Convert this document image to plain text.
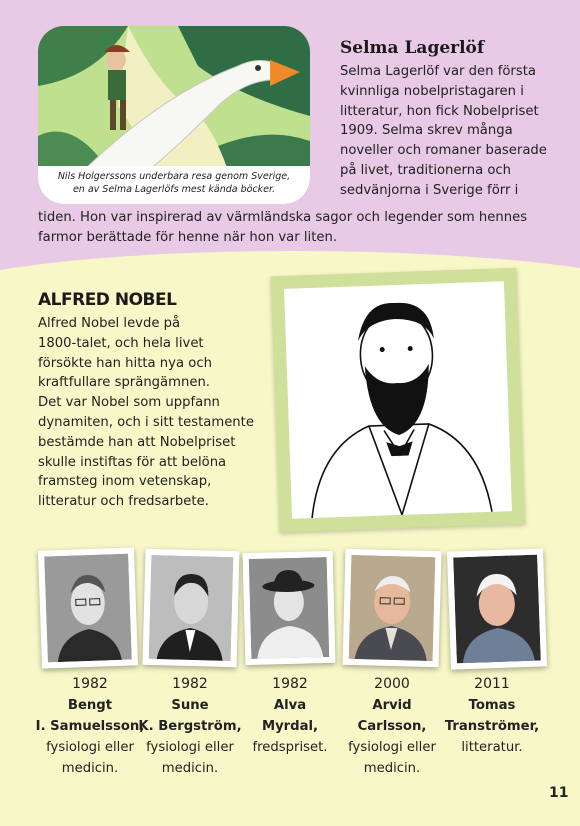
Nils Holgerssons underbara resa genom Sverige,
en av Selma Lagerlöfs mest kända böcker.
Selma Lagerlöf
Selma Lagerlöf var den första
kvinnliga nobelpristagaren i
litteratur, hon fick Nobelpriset
1909. Selma skrev många
noveller och romaner baserade
på livet, traditionerna och
sedvänjorna i Sverige förr i
tiden. Hon var inspirerad av värmländska sagor och legender som hennes
farmor berättade för henne när hon var liten.
ALFRED NOBEL
Alfred Nobel levde på
1800-talet, och hela livet
försökte han hitta nya och
kraftfullare sprängämnen.
Det var Nobel som uppfann
dynamiten, och i sitt testamente
bestämde han att Nobelpriset
skulle instiftas för att belöna
framsteg inom vetenskap,
litteratur och fredsarbete.
1982
Bengt
I. Samuelsson,
fysiologi eller
medicin.
1982
Sune
K. Bergström,
fysiologi eller
medicin.
1982
Alva
Myrdal,
fredspriset.
2000
Arvid
Carlsson,
fysiologi eller
medicin.
2011
Tomas
Tranströmer,
litteratur.
11
